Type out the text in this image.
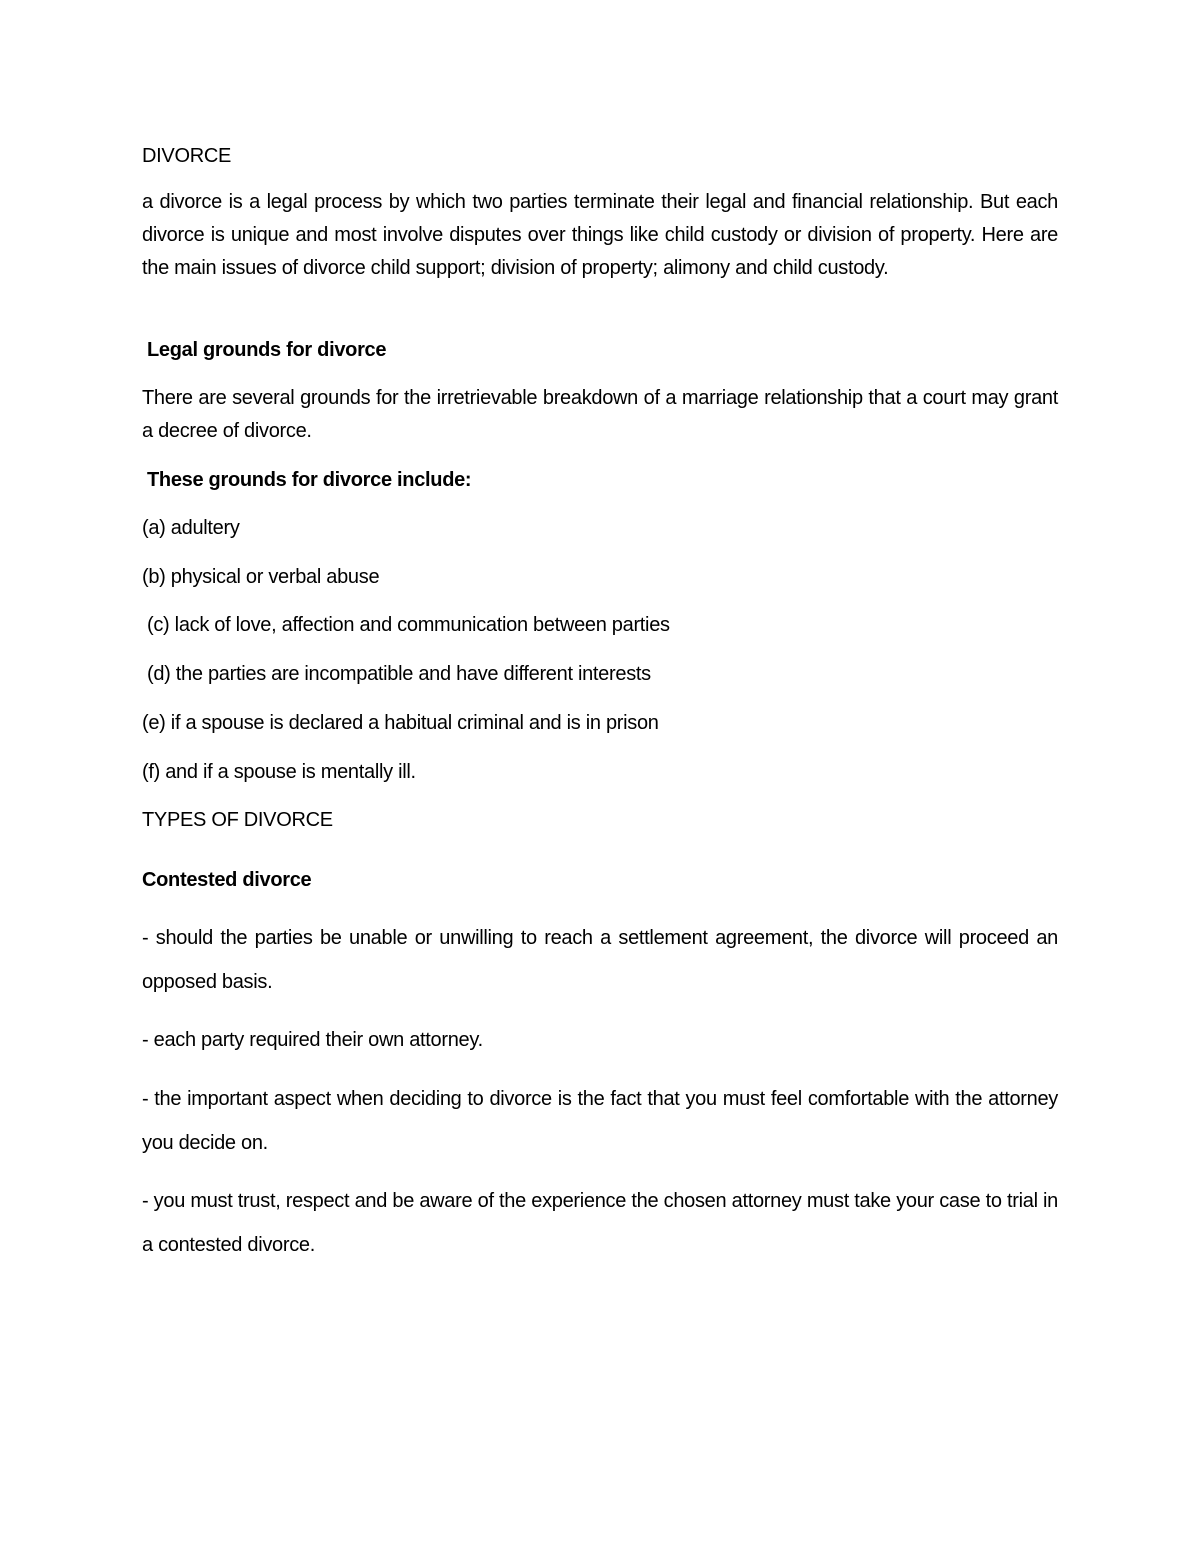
DIVORCE

a divorce is a legal process by which two parties terminate their legal and financial relationship. But each divorce is unique and most involve disputes over things like child custody or division of property. Here are the main issues of divorce child support; division of property; alimony and child custody.

Legal grounds for divorce

There are several grounds for the irretrievable breakdown of a marriage relationship that a court may grant a decree of divorce.

These grounds for divorce include:

(a) adultery

(b) physical or verbal abuse

(c) lack of love, affection and communication between parties

(d) the parties are incompatible and have different interests

(e) if a spouse is declared a habitual criminal and is in prison

(f) and if a spouse is mentally ill.

TYPES OF DIVORCE

Contested divorce

- should the parties be unable or unwilling to reach a settlement agreement, the divorce will proceed an opposed basis.

- each party required their own attorney.

- the important aspect when deciding to divorce is the fact that you must feel comfortable with the attorney you decide on.

- you must trust, respect and be aware of the experience the chosen attorney must take your case to trial in a contested divorce.
